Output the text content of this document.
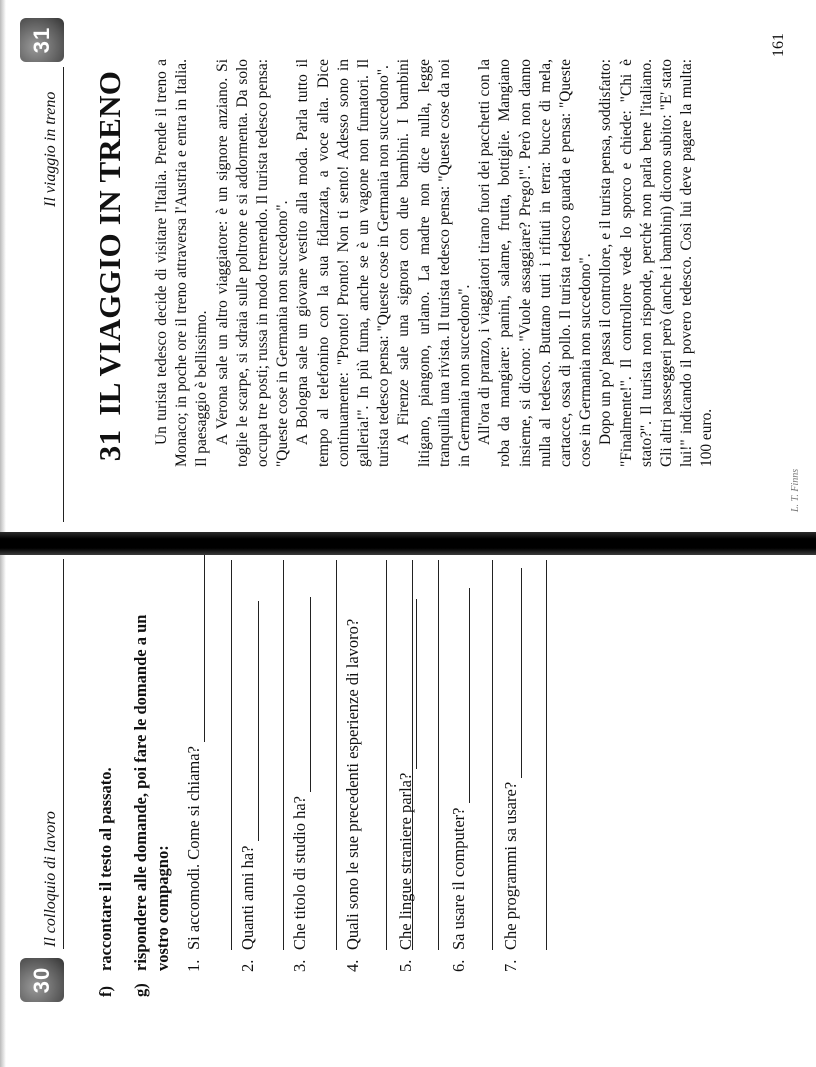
30
Il colloquio di lavoro
f)raccontare il testo al passato.
g)rispondere alle domande, poi fare le domande a un vostro compagno: 1.Si accomodi. Come si chiama?
2.Quanti anni ha?
3.Che titolo di studio ha?
4.Quali sono le sue precedenti esperienze di lavoro?
5.Che lingue straniere parla?
6.Sa usare il computer?
7.Che programmi sa usare?
Il viaggio in treno
31
31IL VIAGGIO IN TRENO Un turista tedesco decide di visitare l'Italia. Prende il treno a Monaco; in poche ore il treno attraversa l'Austria e entra in Italia. Il paesaggio è bellissimo. A Verona sale un altro viaggiatore: è un signore anziano. Si toglie le scarpe, si sdraia sulle poltrone e si addormenta. Da solo occupa tre posti; russa in modo tremendo. Il turista tedesco pensa: "Queste cose in Germania non succedono". A Bologna sale un giovane vestito alla moda. Parla tutto il tempo al telefonino con la sua fidanzata, a voce alta. Dice continuamente: "Pronto! Pronto! Non ti sento! Adesso sono in galleria!". In più fuma, anche se è un vagone non fumatori. Il turista tedesco pensa: "Queste cose in Germania non succedono". A Firenze sale una signora con due bambini. I bambini litigano, piangono, urlano. La madre non dice nulla, legge tranquilla una rivista. Il turista tedesco pensa: "Queste cose da noi in Germania non succedono". All'ora di pranzo, i viaggiatori tirano fuori dei pacchetti con la roba da mangiare: panini, salame, frutta, bottiglie. Mangiano insieme, si dicono: "Vuole assaggiare? Prego!". Però non danno nulla al tedesco. Buttano tutti i rifiuti in terra: bucce di mela, cartacce, ossa di pollo. Il turista tedesco guarda e pensa: "Queste cose in Germania non succedono". Dopo un po' passa il controllore, e il turista pensa, soddisfatto: "Finalmente!". Il controllore vede lo sporco e chiede: "Chi è stato?". Il turista non risponde, perché non parla bene l'italiano. Gli altri passeggeri però (anche i bambini) dicono subito: "E' stato lui!" indicando il povero tedesco. Così lui deve pagare la multa: 100 euro.

161
L. T. Finns
